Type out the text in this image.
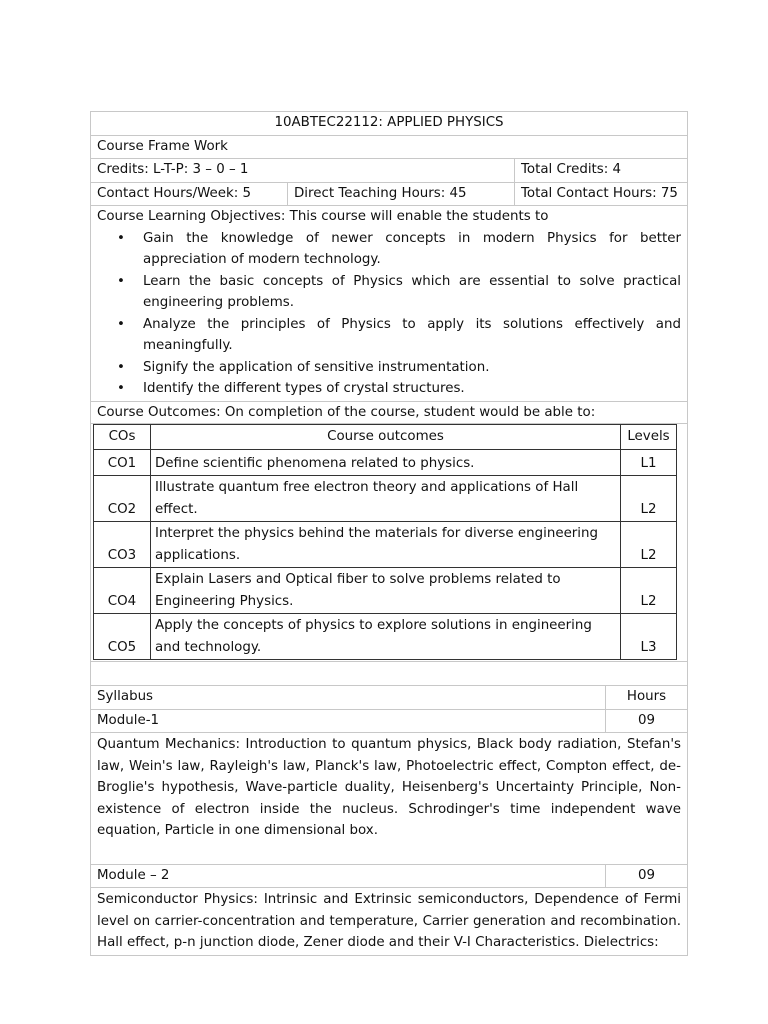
10ABTEC22112: APPLIED PHYSICS
Course Frame Work
Credits: L-T-P: 3 – 0 – 1	Total Credits: 4
Contact Hours/Week: 5	Direct Teaching Hours: 45	Total Contact Hours: 75

Course Learning Objectives: This course will enable the students to
• Gain the knowledge of newer concepts in modern Physics for better appreciation of modern technology.
• Learn the basic concepts of Physics which are essential to solve practical engineering problems.
• Analyze the principles of Physics to apply its solutions effectively and meaningfully.
• Signify the application of sensitive instrumentation.
• Identify the different types of crystal structures.

Course Outcomes: On completion of the course, student would be able to:

COs	Course outcomes	Levels
CO1	Define scientific phenomena related to physics.	L1
CO2	Illustrate quantum free electron theory and applications of Hall effect.	L2
CO3	Interpret the physics behind the materials for diverse engineering applications.	L2
CO4	Explain Lasers and Optical fiber to solve problems related to Engineering Physics.	L2
CO5	Apply the concepts of physics to explore solutions in engineering and technology.	L3

Syllabus	Hours
Module-1	09
Quantum Mechanics: Introduction to quantum physics, Black body radiation, Stefan's law, Wein's law, Rayleigh's law, Planck's law, Photoelectric effect, Compton effect, de-Broglie's hypothesis, Wave-particle duality, Heisenberg's Uncertainty Principle, Non-existence of electron inside the nucleus. Schrodinger's time independent wave equation, Particle in one dimensional box.	
Module – 2	09
Semiconductor Physics: Intrinsic and Extrinsic semiconductors, Dependence of Fermi level on carrier-concentration and temperature, Carrier generation and recombination. Hall effect, p-n junction diode, Zener diode and their V-I Characteristics. Dielectrics:	
